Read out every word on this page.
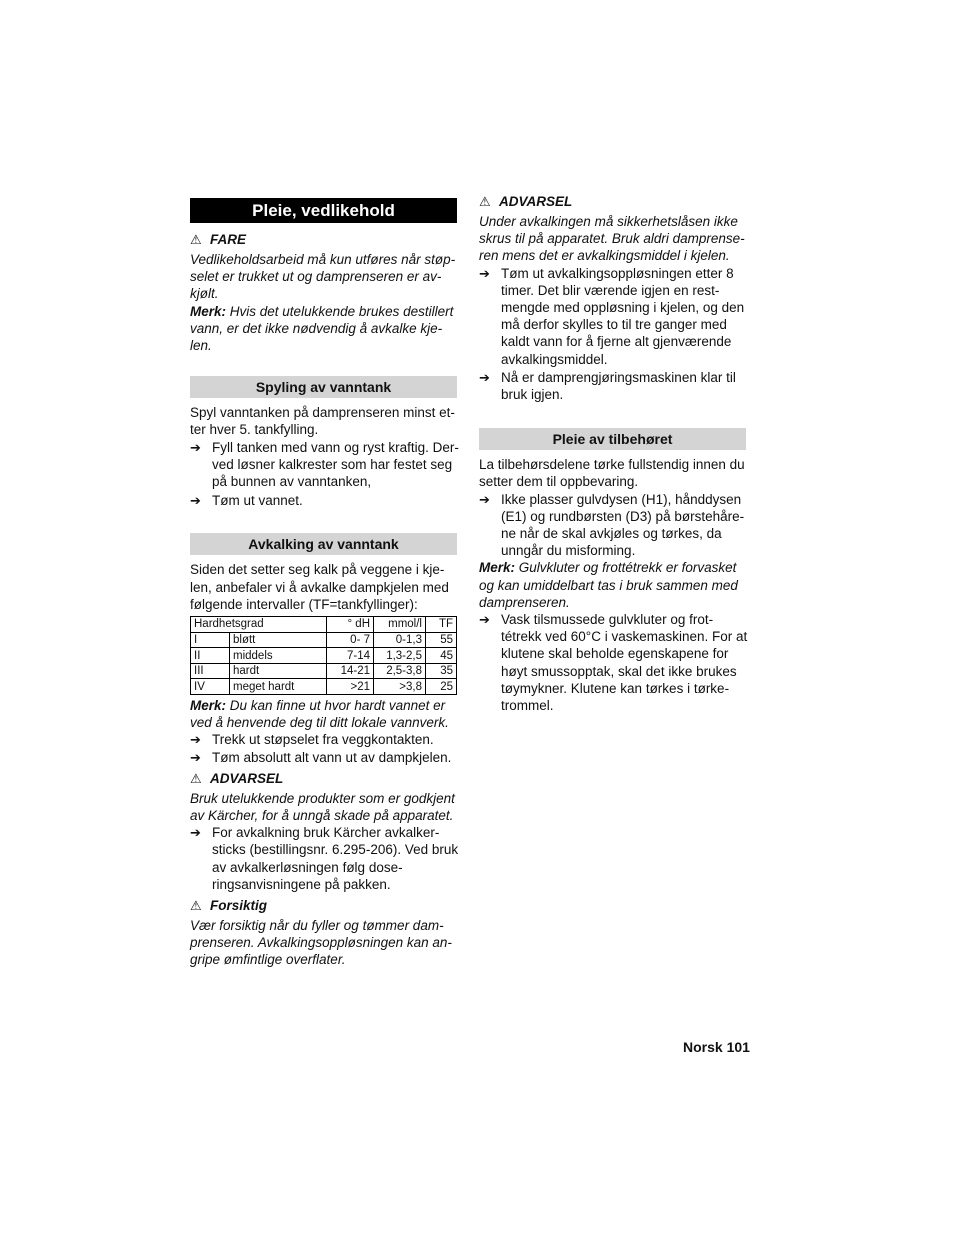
Pleie, vedlikehold
⚠ FARE

Vedlikeholdsarbeid må kun utføres når støp-selet er trukket ut og damprenseren er av-kjølt.

Merk: Hvis det utelukkende brukes destillert vann, er det ikke nødvendig å avkalke kje-len.

Spyling av vanntank

Spyl vanntanken på damprenseren minst et-ter hver 5. tankfylling.

➔ Fyll tanken med vann og ryst kraftig. Der-ved løsner kalkrester som har festet seg på bunnen av vanntanken,
➔ Tøm ut vannet.
Avkalking av vanntank

Siden det setter seg kalk på veggene i kje-len, anbefaler vi å avkalke dampkjelen med følgende intervaller (TF=tankfyllinger):

Hardhetsgrad		° dH	mmol/l	TF
I	bløtt	0- 7	0-1,3	55
II	middels	7-14	1,3-2,5	45
III	hardt	14-21	2,5-3,8	35
IV	meget hardt	>21	>3,8	25

Merk: Du kan finne ut hvor hardt vannet er ved å henvende deg til ditt lokale vannverk.

➔ Trekk ut støpselet fra veggkontakten.
➔ Tøm absolutt alt vann ut av dampkjelen.
⚠ ADVARSEL

Bruk utelukkende produkter som er godkjent av Kärcher, for å unngå skade på apparatet.

➔ For avkalkning bruk Kärcher avkalker-sticks (bestillingsnr. 6.295-206). Ved bruk av avkalkerløsningen følg dose-ringsanvisningene på pakken.
⚠ Forsiktig

Vær forsiktig når du fyller og tømmer dam-prenseren. Avkalkingsoppløsningen kan an-gripe ømfintlige overflater.

⚠ ADVARSEL

Under avkalkingen må sikkerhetslåsen ikke skrus til på apparatet. Bruk aldri damprense-ren mens det er avkalkingsmiddel i kjelen.

➔ Tøm ut avkalkingsoppløsningen etter 8 timer. Det blir værende igjen en rest-mengde med oppløsning i kjelen, og den må derfor skylles to til tre ganger med kaldt vann for å fjerne alt gjenværende avkalkingsmiddel.
➔ Nå er damprengjøringsmaskinen klar til bruk igjen.
Pleie av tilbehøret

La tilbehørsdelene tørke fullstendig innen du setter dem til oppbevaring.

➔ Ikke plasser gulvdysen (H1), hånddysen (E1) og rundbørsten (D3) på børstehåre-ne når de skal avkjøles og tørkes, da unngår du misforming.

Merk: Gulvkluter og frottétrekk er forvasket og kan umiddelbart tas i bruk sammen med damprenseren.

➔ Vask tilsmussede gulvkluter og frot-tétrekk ved 60°C i vaskemaskinen. For at klutene skal beholde egenskapene for høyt smussopptak, skal det ikke brukes tøymykner. Klutene kan tørkes i tørke-trommel.
Norsk 101
